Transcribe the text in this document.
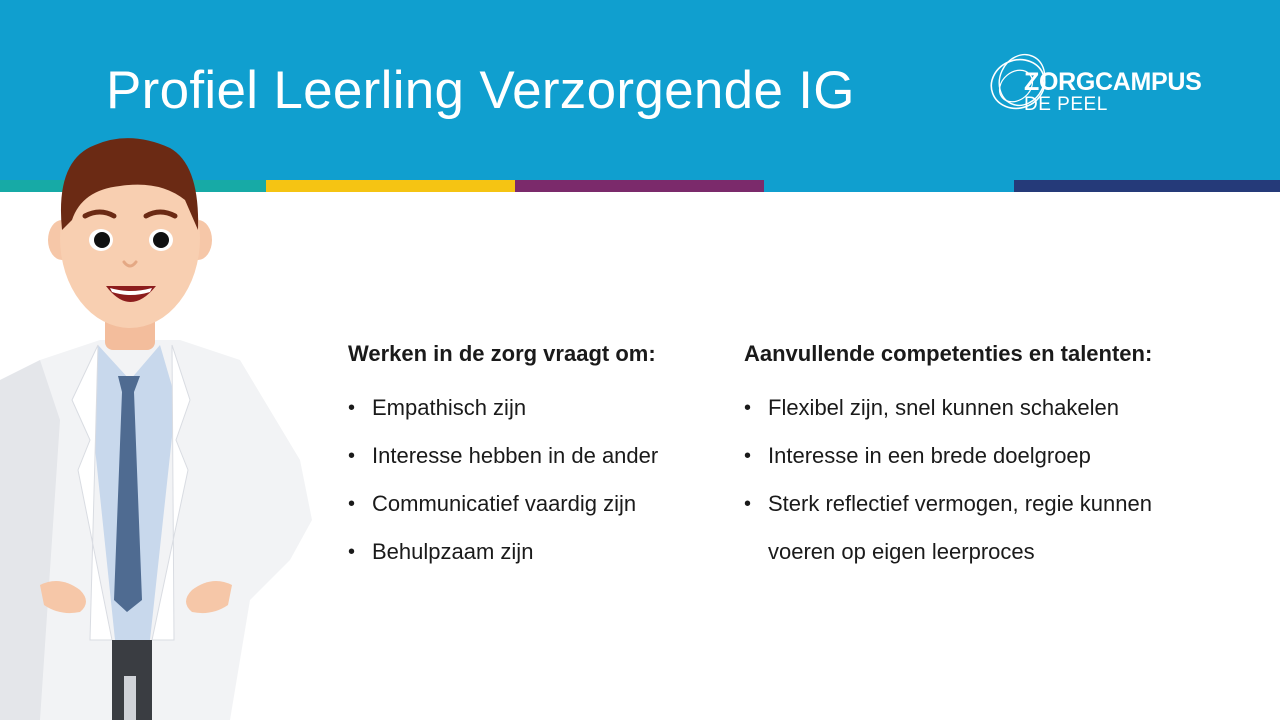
Profiel Leerling Verzorgende IG	ZORGCAMPUS
DE PEEL
Werken in de zorg vraagt om:
• Empathisch zijn
• Interesse hebben in de ander
• Communicatief vaardig zijn
• Behulpzaam zijn
Aanvullende competenties en talenten:
• Flexibel zijn, snel kunnen schakelen
• Interesse in een brede doelgroep
• Sterk reflectief vermogen, regie kunnen voeren op eigen leerproces
